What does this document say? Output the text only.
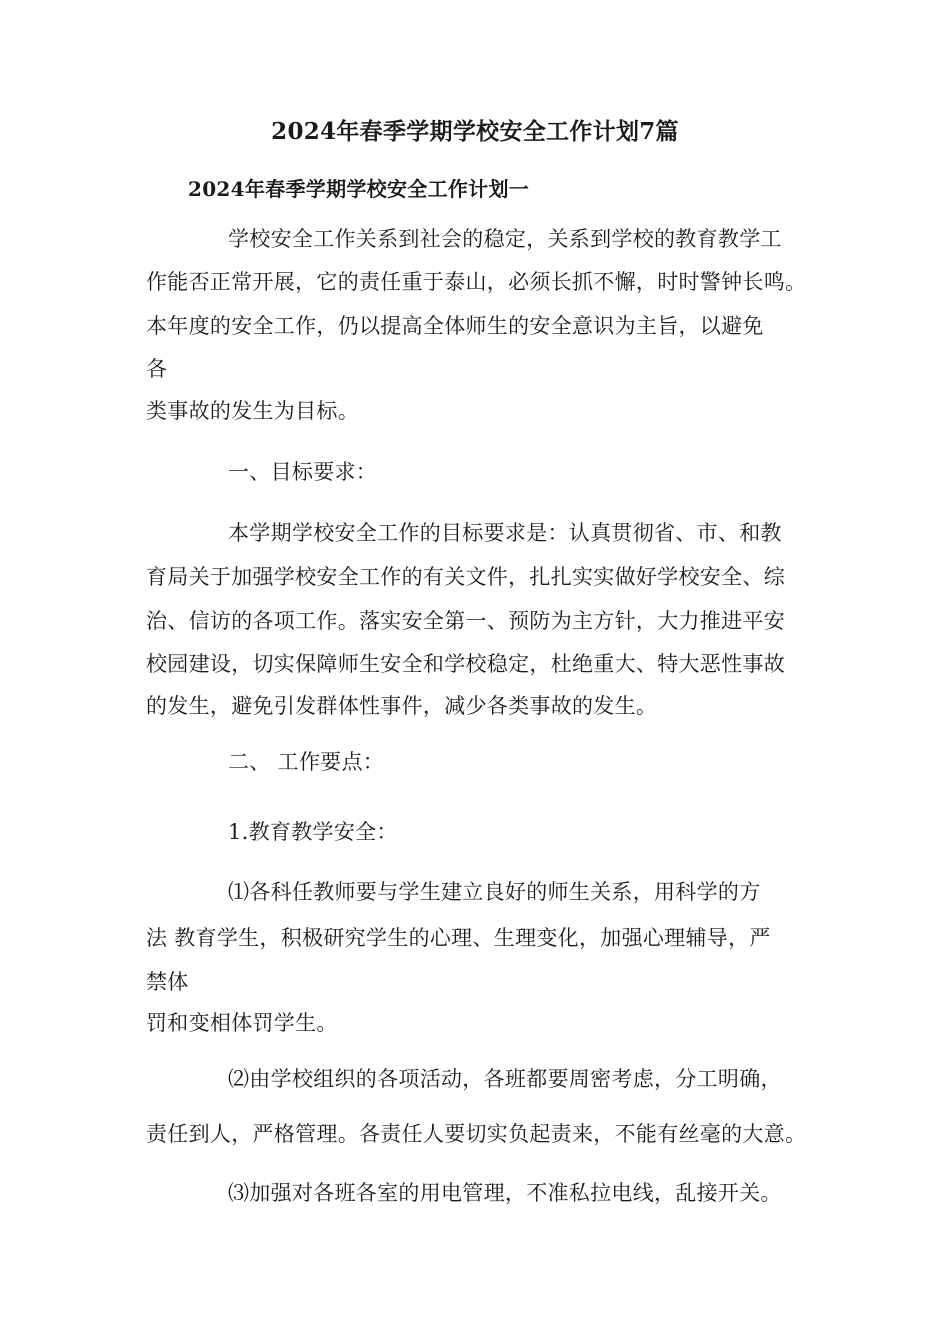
2024年春季学期学校安全工作计划7篇
2024年春季学期学校安全工作计划一
学校安全工作关系到社会的稳定，关系到学校的教育教学工
作能否正常开展，它的责任重于泰山，必须长抓不懈，时时警钟长鸣。
本年度的安全工作，仍以提高全体师生的安全意识为主旨，以避免
各
类事故的发生为目标。
一、目标要求：
本学期学校安全工作的目标要求是：认真贯彻省、市、和教
育局关于加强学校安全工作的有关文件，扎扎实实做好学校安全、综
治、信访的各项工作。落实安全第一、预防为主方针，大力推进平安
校园建设，切实保障师生安全和学校稳定，杜绝重大、特大恶性事故
的发生，避免引发群体性事件，减少各类事故的发生。
二、 工作要点：
1.教育教学安全：
⑴各科任教师要与学生建立良好的师生关系，用科学的方
法 教育学生，积极研究学生的心理、生理变化，加强心理辅导，严
禁体
罚和变相体罚学生。
⑵由学校组织的各项活动，各班都要周密考虑，分工明确，
责任到人，严格管理。各责任人要切实负起责来，不能有丝毫的大意。
⑶加强对各班各室的用电管理，不准私拉电线，乱接开关。
